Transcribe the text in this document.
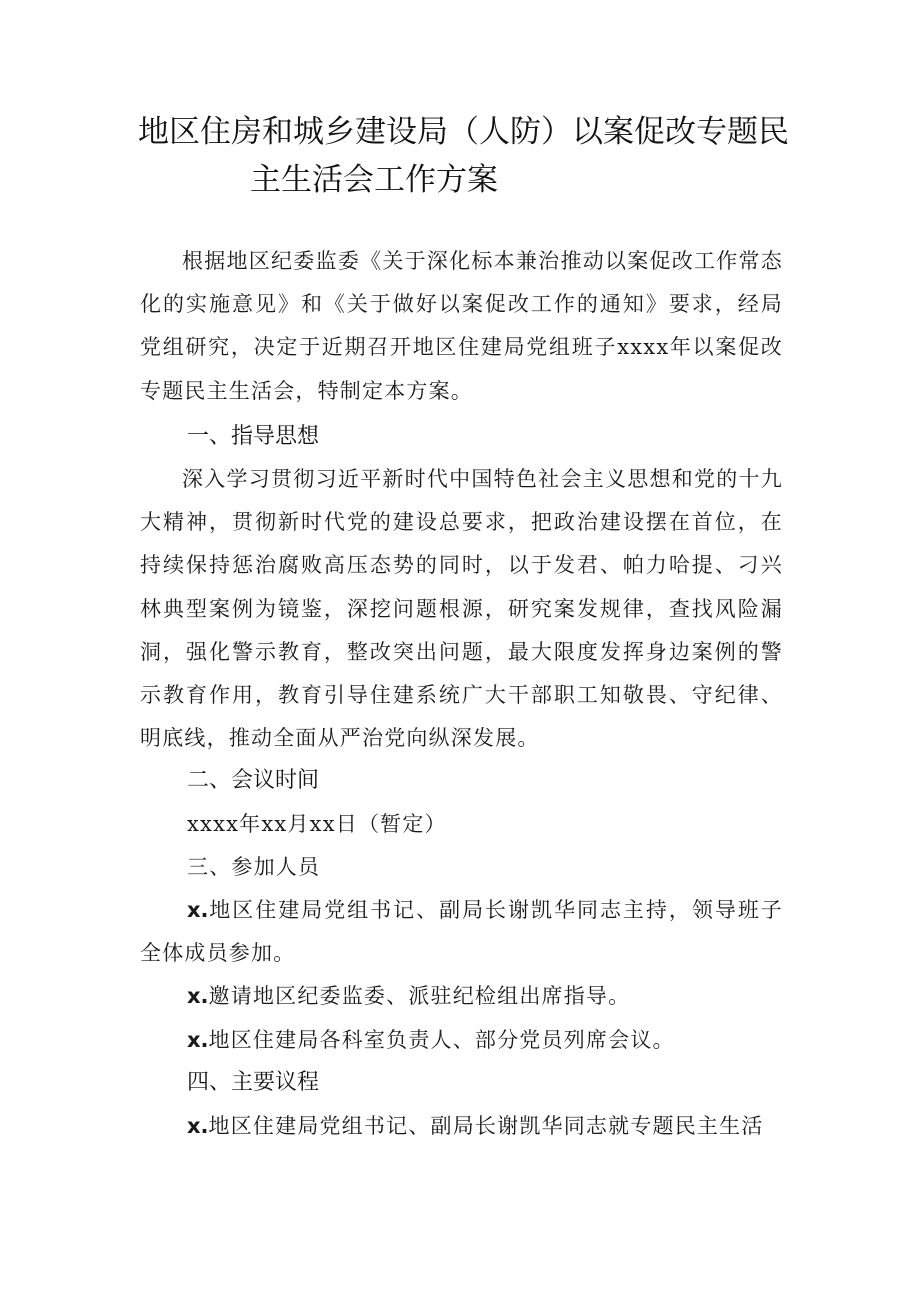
地区住房和城乡建设局（人防）以案促改专题民
主生活会工作方案
根据地区纪委监委《关于深化标本兼治推动以案促改工作常态化的实施意见》和《关于做好以案促改工作的通知》要求，经局党组研究，决定于近期召开地区住建局党组班子xxxx年以案促改专题民主生活会，特制定本方案。
一、指导思想
深入学习贯彻习近平新时代中国特色社会主义思想和党的十九大精神，贯彻新时代党的建设总要求，把政治建设摆在首位，在持续保持惩治腐败高压态势的同时，以于发君、帕力哈提、刁兴林典型案例为镜鉴，深挖问题根源，研究案发规律，查找风险漏洞，强化警示教育，整改突出问题，最大限度发挥身边案例的警示教育作用，教育引导住建系统广大干部职工知敬畏、守纪律、明底线，推动全面从严治党向纵深发展。
二、会议时间
xxxx年xx月xx日（暂定）
三、参加人员
x.地区住建局党组书记、副局长谢凯华同志主持，领导班子全体成员参加。
x.邀请地区纪委监委、派驻纪检组出席指导。
x.地区住建局各科室负责人、部分党员列席会议。
四、主要议程
x.地区住建局党组书记、副局长谢凯华同志就专题民主生活
